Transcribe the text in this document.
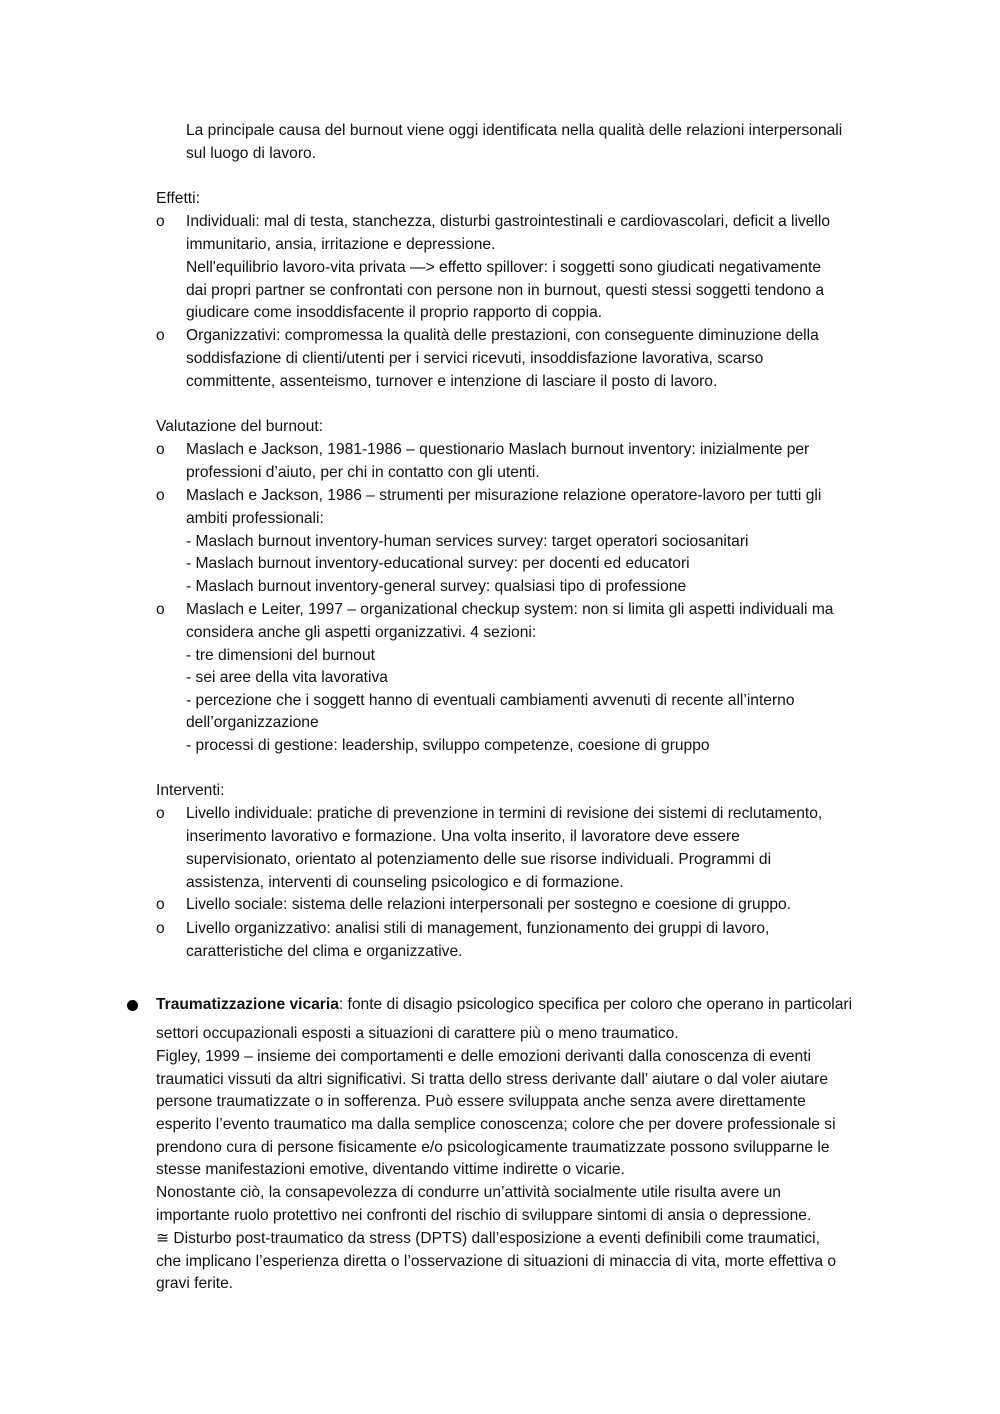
La principale causa del burnout viene oggi identificata nella qualità delle relazioni interpersonali
sul luogo di lavoro.
Effetti:
o Individuali: mal di testa, stanchezza, disturbi gastrointestinali e cardiovascolari, deficit a livello
immunitario, ansia, irritazione e depressione.
Nell'equilibrio lavoro-vita privata —> effetto spillover: i soggetti sono giudicati negativamente
dai propri partner se confrontati con persone non in burnout, questi stessi soggetti tendono a
giudicare come insoddisfacente il proprio rapporto di coppia.
o Organizzativi: compromessa la qualità delle prestazioni, con conseguente diminuzione della
soddisfazione di clienti/utenti per i servici ricevuti, insoddisfazione lavorativa, scarso
committente, assenteismo, turnover e intenzione di lasciare il posto di lavoro.
Valutazione del burnout:
o Maslach e Jackson, 1981-1986 – questionario Maslach burnout inventory: inizialmente per
professioni d’aiuto, per chi in contatto con gli utenti.
o Maslach e Jackson, 1986 – strumenti per misurazione relazione operatore-lavoro per tutti gli
ambiti professionali:
- Maslach burnout inventory-human services survey: target operatori sociosanitari
- Maslach burnout inventory-educational survey: per docenti ed educatori
- Maslach burnout inventory-general survey: qualsiasi tipo di professione
o Maslach e Leiter, 1997 – organizational checkup system: non si limita gli aspetti individuali ma
considera anche gli aspetti organizzativi. 4 sezioni:
- tre dimensioni del burnout
- sei aree della vita lavorativa
- percezione che i soggett hanno di eventuali cambiamenti avvenuti di recente all’interno
dell’organizzazione
- processi di gestione: leadership, sviluppo competenze, coesione di gruppo
Interventi:
o Livello individuale: pratiche di prevenzione in termini di revisione dei sistemi di reclutamento,
inserimento lavorativo e formazione. Una volta inserito, il lavoratore deve essere
supervisionato, orientato al potenziamento delle sue risorse individuali. Programmi di
assistenza, interventi di counseling psicologico e di formazione.
o Livello sociale: sistema delle relazioni interpersonali per sostegno e coesione di gruppo.
o Livello organizzativo: analisi stili di management, funzionamento dei gruppi di lavoro,
caratteristiche del clima e organizzative.
Traumatizzazione vicaria: fonte di disagio psicologico specifica per coloro che operano in particolari
settori occupazionali esposti a situazioni di carattere più o meno traumatico.
Figley, 1999 – insieme dei comportamenti e delle emozioni derivanti dalla conoscenza di eventi
traumatici vissuti da altri significativi. Si tratta dello stress derivante dall’ aiutare o dal voler aiutare
persone traumatizzate o in sofferenza. Può essere sviluppata anche senza avere direttamente
esperito l’evento traumatico ma dalla semplice conoscenza; colore che per dovere professionale si
prendono cura di persone fisicamente e/o psicologicamente traumatizzate possono svilupparne le
stesse manifestazioni emotive, diventando vittime indirette o vicarie.
Nonostante ciò, la consapevolezza di condurre un’attività socialmente utile risulta avere un
importante ruolo protettivo nei confronti del rischio di sviluppare sintomi di ansia o depressione.
≅ Disturbo post-traumatico da stress (DPTS) dall’esposizione a eventi definibili come traumatici,
che implicano l’esperienza diretta o l’osservazione di situazioni di minaccia di vita, morte effettiva o
gravi ferite.
